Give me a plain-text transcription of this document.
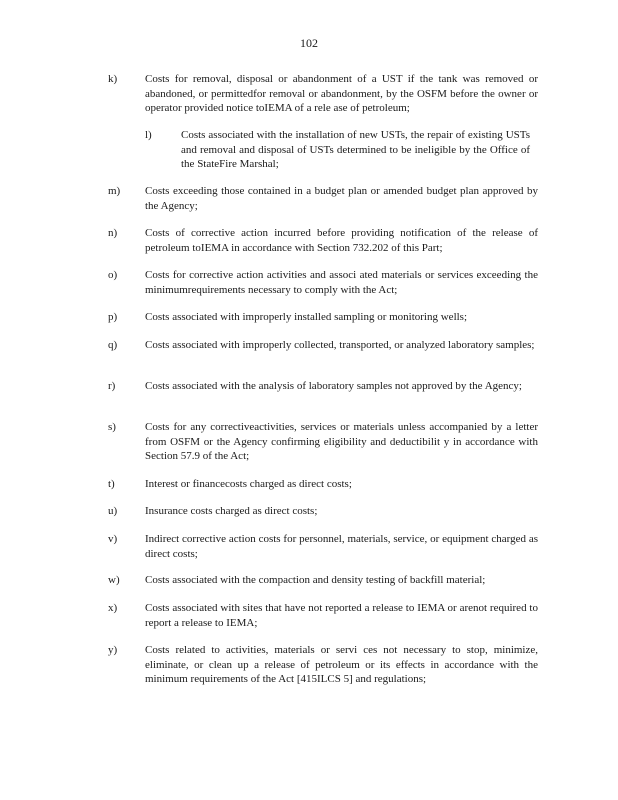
102
k)	Costs for removal, disposal or abandonment of a UST if the tank was removed or abandoned, or permittedfor removal or abandonment, by the OSFM before the owner or operator provided notice toIEMA of a rele ase of petroleum;
l)	Costs associated with the installation of new USTs, the repair of existing USTs and removal and disposal of USTs determined to be ineligible by the Office of the StateFire Marshal;
m) Costs exceeding those contained in a budget plan or amended budget plan approved by the Agency;
n)	Costs of corrective action incurred before providing notification of the release of petroleum toIEMA in accordance with Section 732.202 of this Part;
o)	Costs for corrective action activities and associ ated materials or services exceeding the minimumrequirements necessary to comply with the Act;
p)	Costs associated with improperly installed sampling or monitoring wells;
q)	Costs associated with improperly collected, transported, or analyzed laboratory samples;
r)	Costs associated with the analysis of laboratory samples not approved by the Agency;
s)	Costs for any correctiveactivities, services or materials unless accompanied by a letter from OSFM or the Agency confirming eligibility and deductibilit y in accordance with Section 57.9 of the Act;
t)	Interest or financecosts charged as direct costs;
u)	Insurance costs charged as direct costs;
v)	Indirect corrective action costs for personnel, materials, service, or equipment charged as direct costs;
w) Costs associated with the compaction and density testing of backfill material;
x)	Costs associated with sites that have not reported a release to IEMA or arenot required to report a release to IEMA;
y)	Costs related to activities, materials or servi ces not necessary to stop, minimize, eliminate, or clean up a release of petroleum or its effects in accordance with the minimum requirements of the Act [415ILCS 5] and regulations;
